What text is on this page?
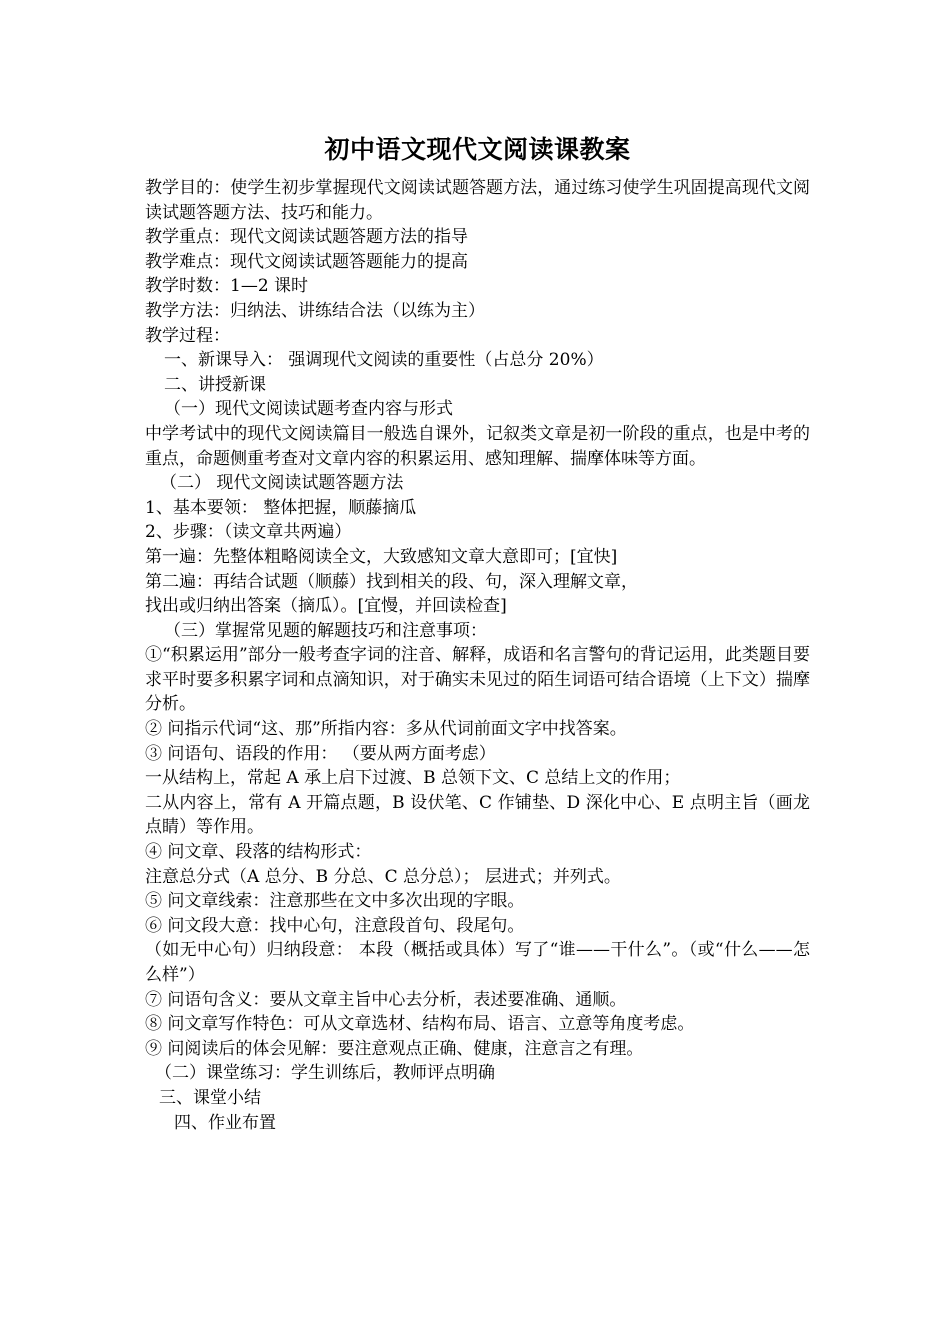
初中语文现代文阅读课教案

教学目的：使学生初步掌握现代文阅读试题答题方法，通过练习使学生巩固提高现代文阅读试题答题方法、技巧和能力。

教学重点：现代文阅读试题答题方法的指导

教学难点：现代文阅读试题答题能力的提高

教学时数：1—2 课时

教学方法：归纳法、讲练结合法（以练为主）

教学过程：

一、新课导入： 强调现代文阅读的重要性（占总分 20%）

二、讲授新课

（一）现代文阅读试题考查内容与形式

中学考试中的现代文阅读篇目一般选自课外，记叙类文章是初一阶段的重点，也是中考的重点，命题侧重考查对文章内容的积累运用、感知理解、揣摩体味等方面。

（二） 现代文阅读试题答题方法

1、基本要领： 整体把握，顺藤摘瓜

2、步骤：（读文章共两遍）

第一遍：先整体粗略阅读全文，大致感知文章大意即可；[宜快]

第二遍：再结合试题（顺藤）找到相关的段、句，深入理解文章，

找出或归纳出答案（摘瓜）。[宜慢，并回读检查]

（三）掌握常见题的解题技巧和注意事项：

①“积累运用”部分一般考查字词的注音、解释，成语和名言警句的背记运用，此类题目要求平时要多积累字词和点滴知识，对于确实未见过的陌生词语可结合语境（上下文）揣摩分析。

② 问指示代词“这、那”所指内容：多从代词前面文字中找答案。

③ 问语句、语段的作用： （要从两方面考虑）

一从结构上，常起 A 承上启下过渡、B 总领下文、C 总结上文的作用；

二从内容上，常有 A 开篇点题，B 设伏笔、C 作铺垫、D 深化中心、E 点明主旨（画龙点睛）等作用。

④ 问文章、段落的结构形式：

注意总分式（A 总分、B 分总、C 总分总）； 层进式；并列式。

⑤ 问文章线索：注意那些在文中多次出现的字眼。

⑥ 问文段大意：找中心句，注意段首句、段尾句。

（如无中心句）归纳段意： 本段（概括或具体）写了“谁——干什么”。（或“什么——怎么样”）

⑦ 问语句含义：要从文章主旨中心去分析，表述要准确、通顺。

⑧ 问文章写作特色：可从文章选材、结构布局、语言、立意等角度考虑。

⑨ 问阅读后的体会见解：要注意观点正确、健康，注意言之有理。

（二）课堂练习：学生训练后，教师评点明确

三、课堂小结

四、作业布置
